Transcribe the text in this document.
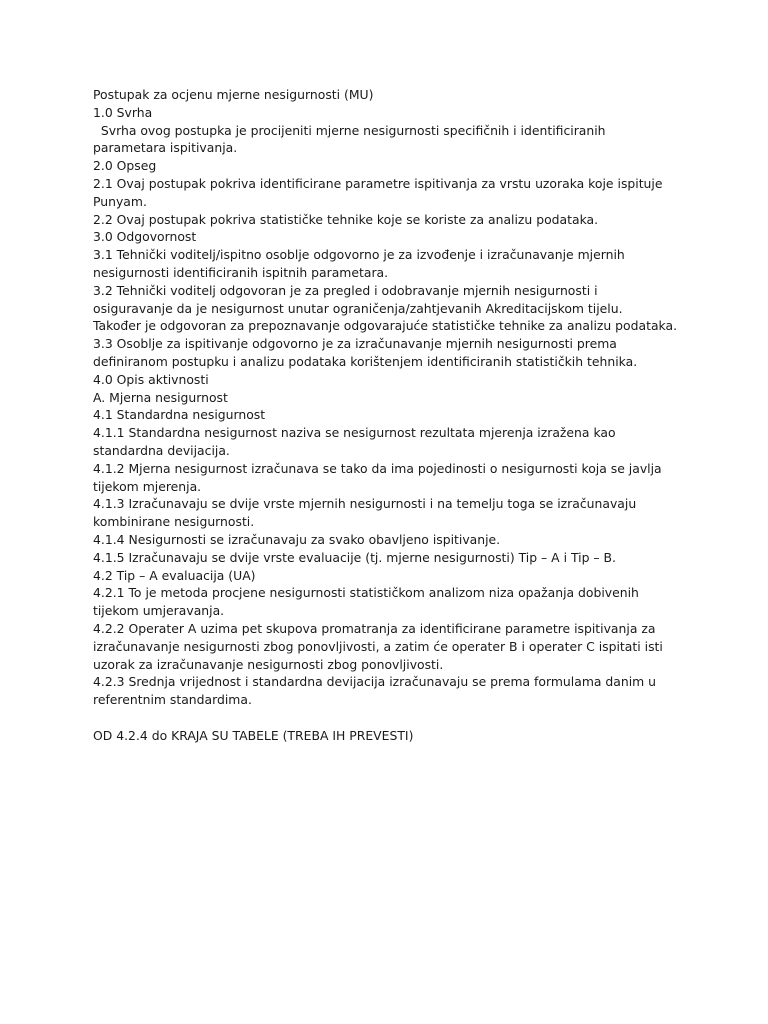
Postupak za ocjenu mjerne nesigurnosti (MU)

1.0 Svrha

Svrha ovog postupka je procijeniti mjerne nesigurnosti specifičnih i identificiranih

parametara ispitivanja.

2.0 Opseg

2.1 Ovaj postupak pokriva identificirane parametre ispitivanja za vrstu uzoraka koje ispituje

Punyam.

2.2 Ovaj postupak pokriva statističke tehnike koje se koriste za analizu podataka.

3.0 Odgovornost

3.1 Tehnički voditelj/ispitno osoblje odgovorno je za izvođenje i izračunavanje mjernih

nesigurnosti identificiranih ispitnih parametara.

3.2 Tehnički voditelj odgovoran je za pregled i odobravanje mjernih nesigurnosti i

osiguravanje da je nesigurnost unutar ograničenja/zahtjevanih Akreditacijskom tijelu.

Također je odgovoran za prepoznavanje odgovarajuće statističke tehnike za analizu podataka.

3.3 Osoblje za ispitivanje odgovorno je za izračunavanje mjernih nesigurnosti prema

definiranom postupku i analizu podataka korištenjem identificiranih statističkih tehnika.

4.0 Opis aktivnosti

A. Mjerna nesigurnost

4.1 Standardna nesigurnost

4.1.1 Standardna nesigurnost naziva se nesigurnost rezultata mjerenja izražena kao

standardna devijacija.

4.1.2 Mjerna nesigurnost izračunava se tako da ima pojedinosti o nesigurnosti koja se javlja

tijekom mjerenja.

4.1.3 Izračunavaju se dvije vrste mjernih nesigurnosti i na temelju toga se izračunavaju

kombinirane nesigurnosti.

4.1.4 Nesigurnosti se izračunavaju za svako obavljeno ispitivanje.

4.1.5 Izračunavaju se dvije vrste evaluacije (tj. mjerne nesigurnosti) Tip – A i Tip – B.

4.2 Tip – A evaluacija (UA)

4.2.1 To je metoda procjene nesigurnosti statističkom analizom niza opažanja dobivenih

tijekom umjeravanja.

4.2.2 Operater A uzima pet skupova promatranja za identificirane parametre ispitivanja za

izračunavanje nesigurnosti zbog ponovljivosti, a zatim će operater B i operater C ispitati isti

uzorak za izračunavanje nesigurnosti zbog ponovljivosti.

4.2.3 Srednja vrijednost i standardna devijacija izračunavaju se prema formulama danim u

referentnim standardima.

OD 4.2.4 do KRAJA SU TABELE (TREBA IH PREVESTI)
